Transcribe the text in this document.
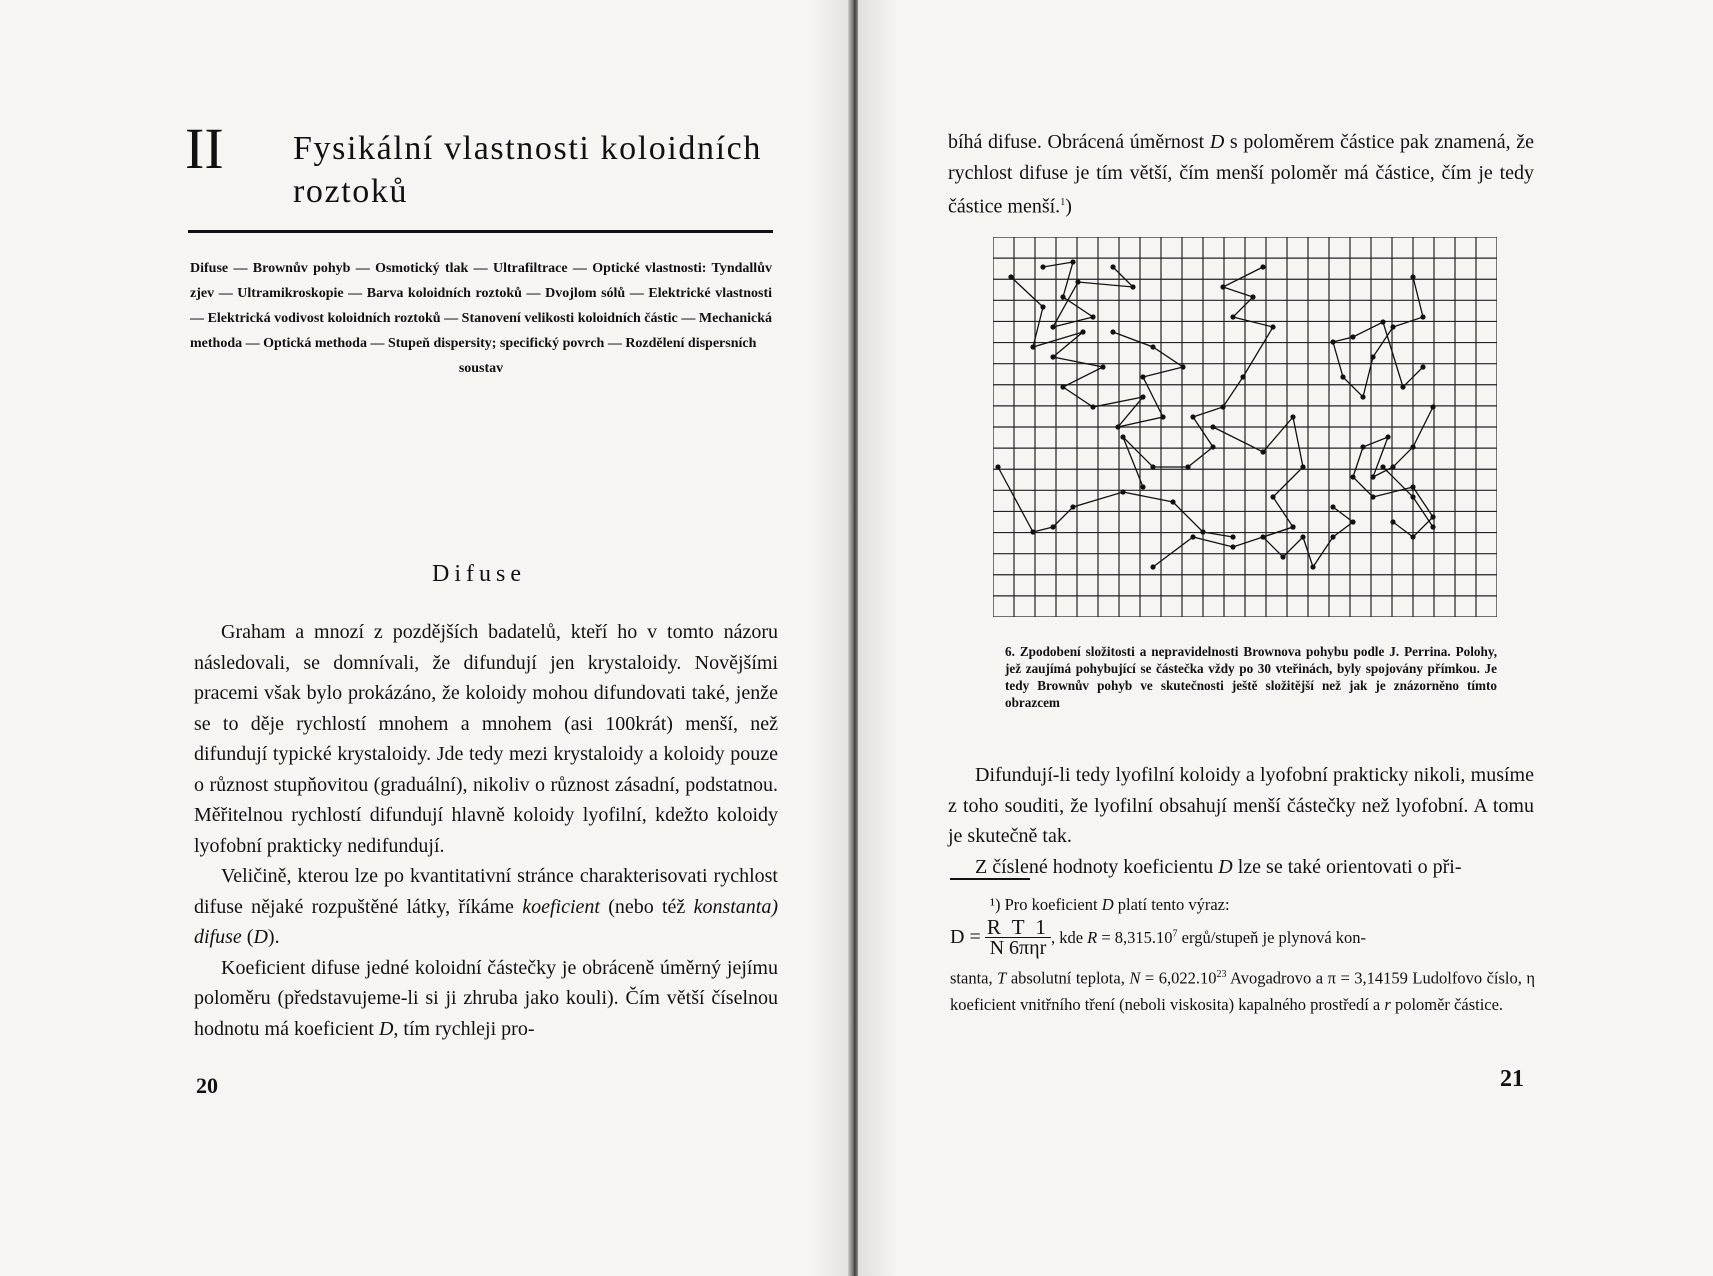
II Fysikální vlastnosti koloidních
roztoků
Difuse — Brownův pohyb — Osmotický tlak — Ultrafiltrace — Optické vlastnosti: Tyndallův zjev — Ultramikroskopie — Barva koloidních roztoků — Dvojlom sólů — Elektrické vlastnosti — Elektrická vodivost koloidních roztoků — Stanovení velikosti koloidních částic — Mechanická methoda — Optická methoda — Stupeň dispersity; specifický povrch — Rozdělení dispersních
soustav
Difuse

Graham a mnozí z pozdějších badatelů, kteří ho v tomto názoru následovali, se domnívali, že difundují jen krystaloidy. Novějšími pracemi však bylo prokázáno, že koloidy mohou difundovati také, jenže se to děje rychlostí mnohem a mnohem (asi 100krát) menší, než difundují typické krystaloidy. Jde tedy mezi krystaloidy a koloidy pouze o různost stupňovitou (graduální), nikoliv o různost zásadní, podstatnou. Měřitelnou rychlostí difundují hlavně koloidy lyofilní, kdežto koloidy lyofobní prakticky nedifundují.

Veličině, kterou lze po kvantitativní stránce charakterisovati rychlost difuse nějaké rozpuštěné látky, říkáme koeficient (nebo též konstanta) difuse (D).

Koeficient difuse jedné koloidní částečky je obráceně úměrný jejímu poloměru (představujeme-li si ji zhruba jako kouli). Čím větší číselnou hodnotu má koeficient D, tím rychleji pro-

20

bíhá difuse. Obrácená úměrnost D s poloměrem částice pak znamená, že rychlost difuse je tím větší, čím menší poloměr má částice, čím je tedy částice menší.$^1$)

6. Zpodobení složitosti a nepravidelnosti Brownova pohybu podle J. Perrina. Polohy, jež zaujímá pohybující se částečka vždy po 30 vteřinách, byly spojovány přímkou. Je tedy Brownův pohyb ve skutečnosti ještě složitější než jak je znázorněno tímto obrazcem

Difundují-li tedy lyofilní koloidy a lyofobní prakticky nikoli, musíme z toho souditi, že lyofilní obsahují menší částečky než lyofobní. A tomu je skutečně tak.

Z číslené hodnoty koeficientu D lze se také orientovati o při-

¹) Pro koeficient D platí tento výraz:
$D = \frac{\text{R T 1}}{\text{N 6πηr}}$ , kde $R = 8,315.10^7$ ergů/stupeň je plynová kon-
stanta, T absolutní teplota, $N = 6,022.10^{23}$ Avogadrovo a π = 3,14159 Ludolfovo číslo, η koeficient vnitřního tření (neboli viskosita) kapalného prostředí a r poloměr částice.
21
